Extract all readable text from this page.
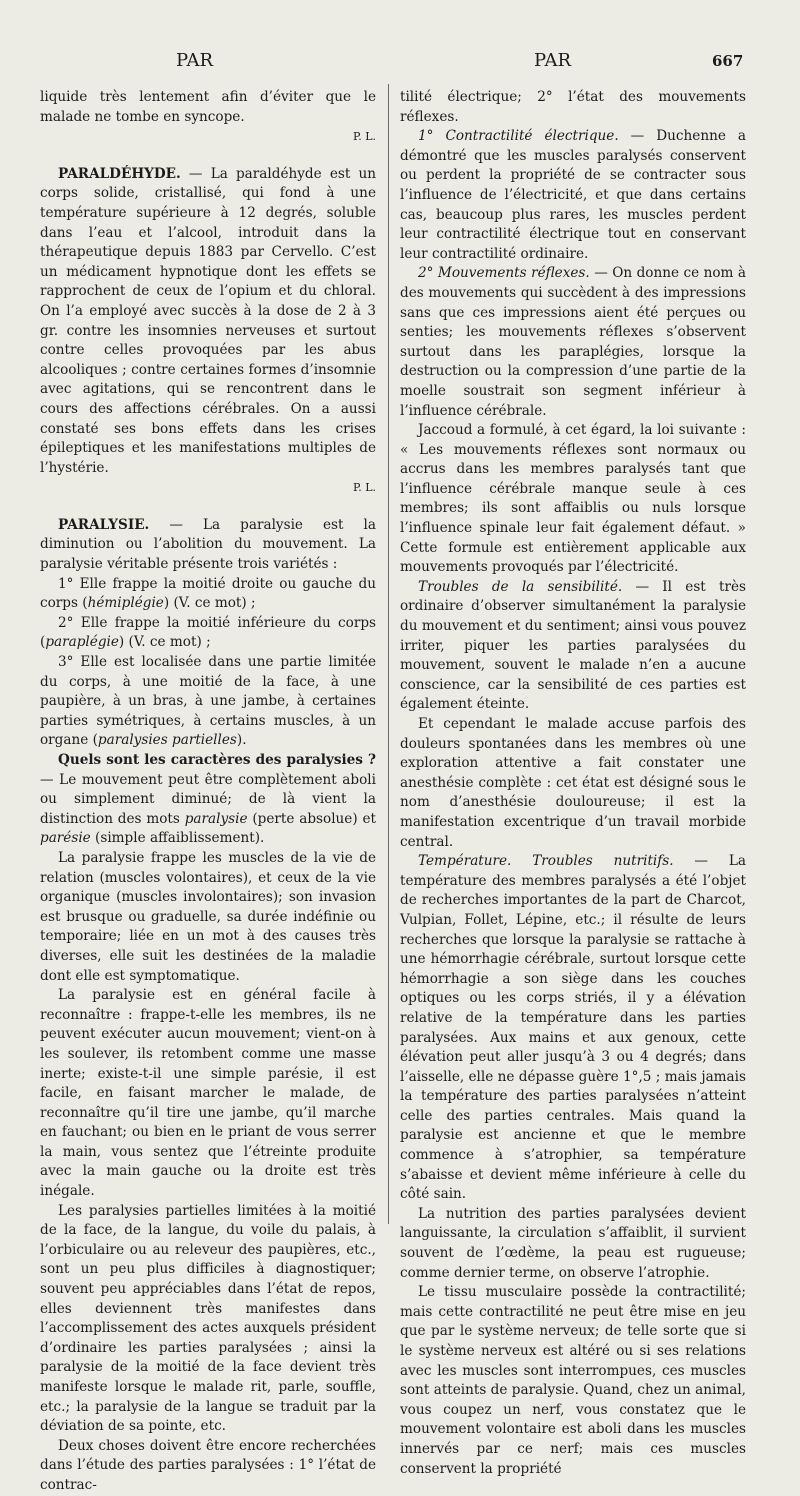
PAR	PAR	667

liquide très lentement afin d’éviter que le malade ne tombe en syncope.

P. L.

PARALDÉHYDE. — La paraldéhyde est un corps solide, cristallisé, qui fond à une température supérieure à 12 degrés, soluble dans l’eau et l’alcool, introduit dans la thérapeutique depuis 1883 par Cervello. C’est un médicament hypnotique dont les effets se rapprochent de ceux de l’opium et du chloral. On l’a employé avec succès à la dose de 2 à 3 gr. contre les insomnies nerveuses et surtout contre celles provoquées par les abus alcooliques ; contre certaines formes d’insomnie avec agitations, qui se rencontrent dans le cours des affections cérébrales. On a aussi constaté ses bons effets dans les crises épileptiques et les manifestations multiples de l’hystérie.

P. L.

PARALYSIE. — La paralysie est la diminution ou l’abolition du mouvement. La paralysie véritable présente trois variétés :

1° Elle frappe la moitié droite ou gauche du corps (hémiplégie) (V. ce mot) ;

2° Elle frappe la moitié inférieure du corps (paraplégie) (V. ce mot) ;

3° Elle est localisée dans une partie limitée du corps, à une moitié de la face, à une paupière, à un bras, à une jambe, à certaines parties symétriques, à certains muscles, à un organe (paralysies partielles).

Quels sont les caractères des paralysies ? — Le mouvement peut être complètement aboli ou simplement diminué; de là vient la distinction des mots paralysie (perte absolue) et parésie (simple affaiblissement).

La paralysie frappe les muscles de la vie de relation (muscles volontaires), et ceux de la vie organique (muscles involontaires); son invasion est brusque ou graduelle, sa durée indéfinie ou temporaire; liée en un mot à des causes très diverses, elle suit les destinées de la maladie dont elle est symptomatique.

La paralysie est en général facile à reconnaître : frappe-t-elle les membres, ils ne peuvent exécuter aucun mouvement; vient-on à les soulever, ils retombent comme une masse inerte; existe-t-il une simple parésie, il est facile, en faisant marcher le malade, de reconnaître qu’il tire une jambe, qu’il marche en fauchant; ou bien en le priant de vous serrer la main, vous sentez que l’étreinte produite avec la main gauche ou la droite est très inégale.

Les paralysies partielles limitées à la moitié de la face, de la langue, du voile du palais, à l’orbiculaire ou au releveur des paupières, etc., sont un peu plus difficiles à diagnostiquer; souvent peu appréciables dans l’état de repos, elles deviennent très manifestes dans l’accomplissement des actes auxquels président d’ordinaire les parties paralysées ; ainsi la paralysie de la moitié de la face devient très manifeste lorsque le malade rit, parle, souffle, etc.; la paralysie de la langue se traduit par la déviation de sa pointe, etc.

Deux choses doivent être encore recherchées dans l’étude des parties paralysées : 1° l’état de contrac-

tilité électrique; 2° l’état des mouvements réflexes.

1° Contractilité électrique. — Duchenne a démontré que les muscles paralysés conservent ou perdent la propriété de se contracter sous l’influence de l’électricité, et que dans certains cas, beaucoup plus rares, les muscles perdent leur contractilité électrique tout en conservant leur contractilité ordinaire.

2° Mouvements réflexes. — On donne ce nom à des mouvements qui succèdent à des impressions sans que ces impressions aient été perçues ou senties; les mouvements réflexes s’observent surtout dans les paraplégies, lorsque la destruction ou la compression d’une partie de la moelle soustrait son segment inférieur à l’influence cérébrale.

Jaccoud a formulé, à cet égard, la loi suivante : « Les mouvements réflexes sont normaux ou accrus dans les membres paralysés tant que l’influence cérébrale manque seule à ces membres; ils sont affaiblis ou nuls lorsque l’influence spinale leur fait également défaut. » Cette formule est entièrement applicable aux mouvements provoqués par l’électricité.

Troubles de la sensibilité. — Il est très ordinaire d’observer simultanément la paralysie du mouvement et du sentiment; ainsi vous pouvez irriter, piquer les parties paralysées du mouvement, souvent le malade n’en a aucune conscience, car la sensibilité de ces parties est également éteinte.

Et cependant le malade accuse parfois des douleurs spontanées dans les membres où une exploration attentive a fait constater une anesthésie complète : cet état est désigné sous le nom d’anesthésie douloureuse; il est la manifestation excentrique d’un travail morbide central.

Température. Troubles nutritifs. — La température des membres paralysés a été l’objet de recherches importantes de la part de Charcot, Vulpian, Follet, Lépine, etc.; il résulte de leurs recherches que lorsque la paralysie se rattache à une hémorrhagie cérébrale, surtout lorsque cette hémorrhagie a son siège dans les couches optiques ou les corps striés, il y a élévation relative de la température dans les parties paralysées. Aux mains et aux genoux, cette élévation peut aller jusqu’à 3 ou 4 degrés; dans l’aisselle, elle ne dépasse guère 1°,5 ; mais jamais la température des parties paralysées n’atteint celle des parties centrales. Mais quand la paralysie est ancienne et que le membre commence à s’atrophier, sa température s’abaisse et devient même inférieure à celle du côté sain.

La nutrition des parties paralysées devient languissante, la circulation s’affaiblit, il survient souvent de l’œdème, la peau est rugueuse; comme dernier terme, on observe l’atrophie.

Le tissu musculaire possède la contractilité; mais cette contractilité ne peut être mise en jeu que par le système nerveux; de telle sorte que si le système nerveux est altéré ou si ses relations avec les muscles sont interrompues, ces muscles sont atteints de paralysie. Quand, chez un animal, vous coupez un nerf, vous constatez que le mouvement volontaire est aboli dans les muscles innervés par ce nerf; mais ces muscles conservent la propriété
